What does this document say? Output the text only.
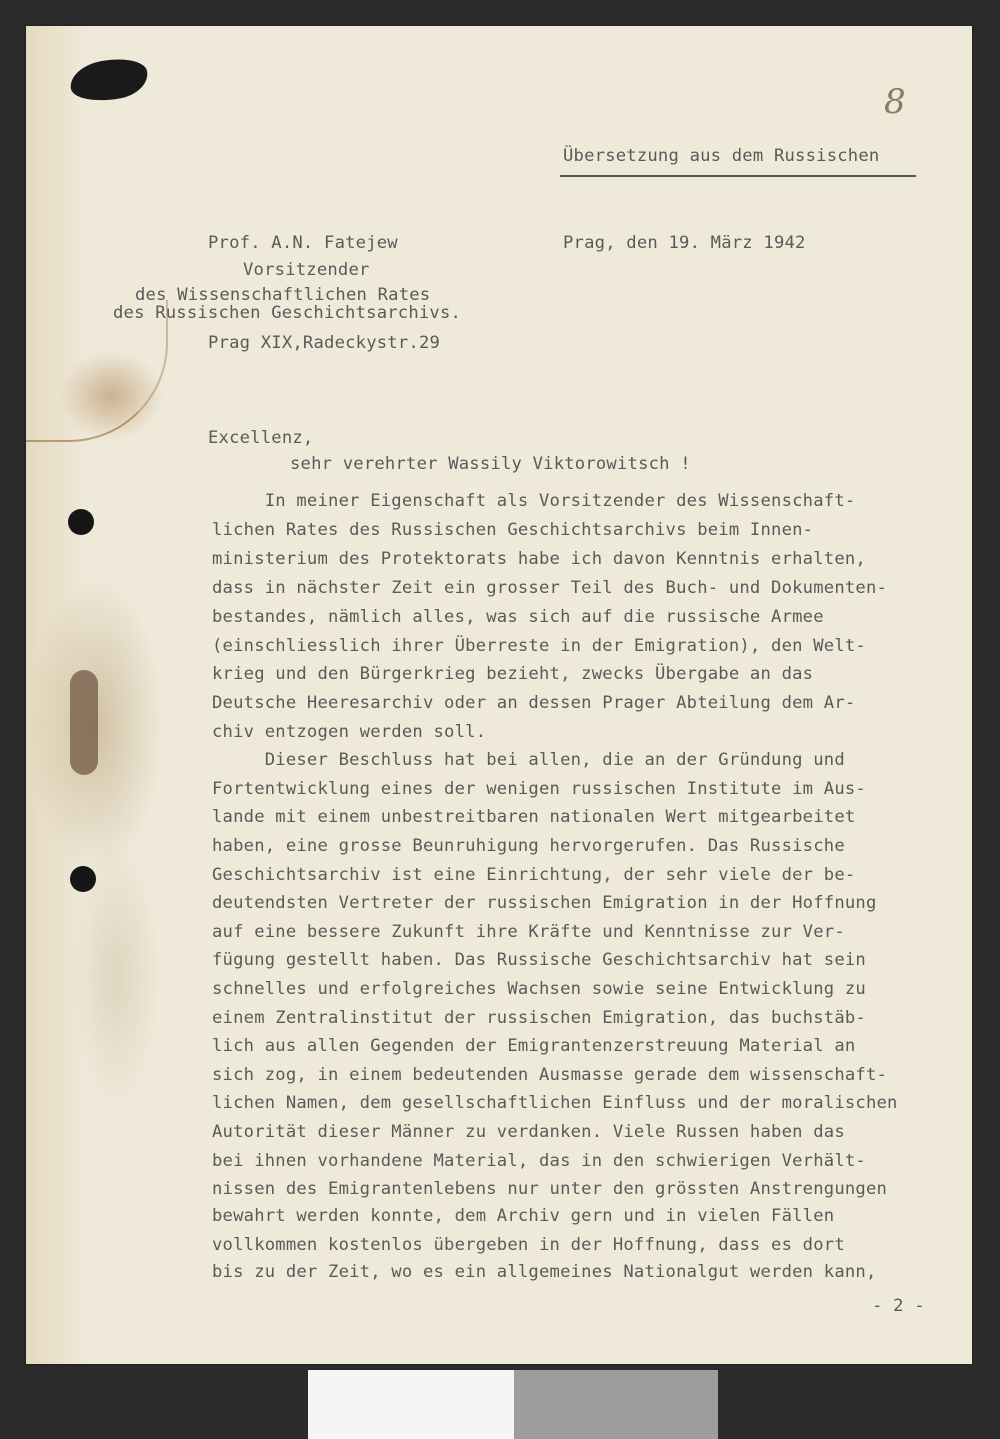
8
Übersetzung aus dem Russischen
Prof. A.N. Fatejew
Vorsitzender
des Wissenschaftlichen Rates
des Russischen Geschichtsarchivs.
Prag XIX,Radeckystr.29
Prag, den 19. März 1942
Excellenz,
sehr verehrter Wassily Viktorowitsch !
In meiner Eigenschaft als Vorsitzender des Wissenschaft-
lichen Rates des Russischen Geschichtsarchivs beim Innen-
ministerium des Protektorats habe ich davon Kenntnis erhalten,
dass in nächster Zeit ein grosser Teil des Buch- und Dokumenten-
bestandes, nämlich alles, was sich auf die russische Armee
(einschliesslich ihrer Überreste in der Emigration), den Welt-
krieg und den Bürgerkrieg bezieht, zwecks Übergabe an das
Deutsche Heeresarchiv oder an dessen Prager Abteilung dem Ar-
chiv entzogen werden soll.
Dieser Beschluss hat bei allen, die an der Gründung und
Fortentwicklung eines der wenigen russischen Institute im Aus-
lande mit einem unbestreitbaren nationalen Wert mitgearbeitet
haben, eine grosse Beunruhigung hervorgerufen. Das Russische
Geschichtsarchiv ist eine Einrichtung, der sehr viele der be-
deutendsten Vertreter der russischen Emigration in der Hoffnung
auf eine bessere Zukunft ihre Kräfte und Kenntnisse zur Ver-
fügung gestellt haben. Das Russische Geschichtsarchiv hat sein
schnelles und erfolgreiches Wachsen sowie seine Entwicklung zu
einem Zentralinstitut der russischen Emigration, das buchstäb-
lich aus allen Gegenden der Emigrantenzerstreuung Material an
sich zog, in einem bedeutenden Ausmasse gerade dem wissenschaft-
lichen Namen, dem gesellschaftlichen Einfluss und der moralischen
Autorität dieser Männer zu verdanken. Viele Russen haben das
bei ihnen vorhandene Material, das in den schwierigen Verhält-
nissen des Emigrantenlebens nur unter den grössten Anstrengungen
bewahrt werden konnte, dem Archiv gern und in vielen Fällen
vollkommen kostenlos übergeben in der Hoffnung, dass es dort
bis zu der Zeit, wo es ein allgemeines Nationalgut werden kann,
- 2 -
